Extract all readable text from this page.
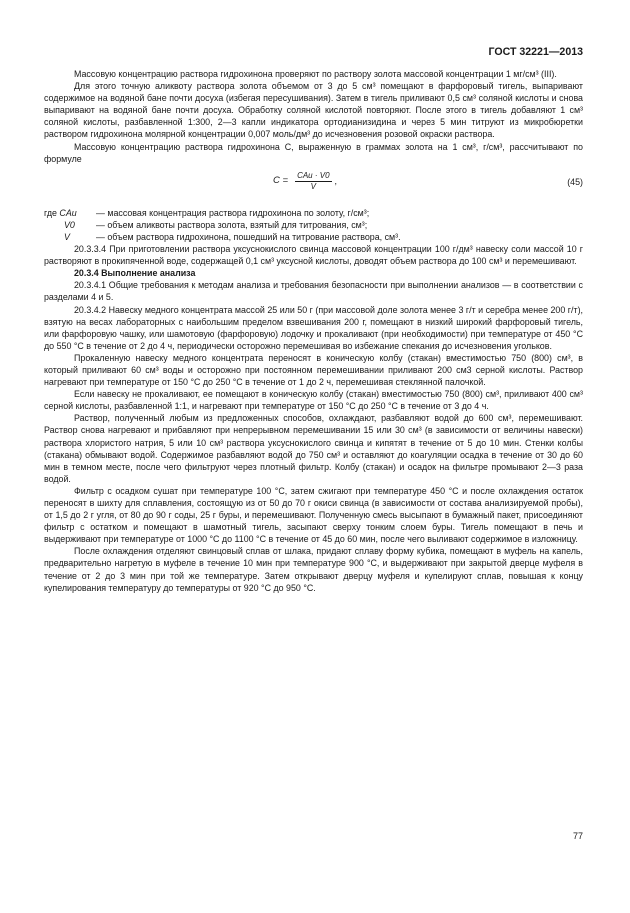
ГОСТ 32221—2013

Массовую концентрацию раствора гидрохинона проверяют по раствору золота массовой концентрации 1 мг/см³ (III).

Для этого точную аликвоту раствора золота объемом от 3 до 5 см³ помещают в фарфоровый тигель, выпаривают содержимое на водяной бане почти досуха (избегая пересушивания). Затем в тигель приливают 0,5 см³ соляной кислоты и снова выпаривают на водяной бане почти досуха. Обработку соляной кислотой повторяют. После этого в тигель добавляют 1 см³ соляной кислоты, разбавленной 1:300, 2—3 капли индикатора ортодианизидина и через 5 мин титруют из микробюретки раствором гидрохинона молярной концентрации 0,007 моль/дм³ до исчезновения розовой окраски раствора.

Массовую концентрацию раствора гидрохинона C, выраженную в граммах золота на 1 см³, г/см³, рассчитывают по формуле

$C = \frac{\text{CAu · V0}}{V}$ ,	(45)
где CAu	— массовая концентрация раствора гидрохинона по золоту, г/см³;
V0	— объем аликвоты раствора золота, взятый для титрования, см³;
V	— объем раствора гидрохинона, пошедший на титрование раствора, см³.

20.3.3.4 При приготовлении раствора уксуснокислого свинца массовой концентрации 100 г/дм³ навеску соли массой 10 г растворяют в прокипяченной воде, содержащей 0,1 см³ уксусной кислоты, доводят объем раствора до 100 см³ и перемешивают.

20.3.4 Выполнение анализа

20.3.4.1 Общие требования к методам анализа и требования безопасности при выполнении анализов — в соответствии с разделами 4 и 5.

20.3.4.2 Навеску медного концентрата массой 25 или 50 г (при массовой доле золота менее 3 г/т и серебра менее 200 г/т), взятую на весах лабораторных с наибольшим пределом взвешивания 200 г, помещают в низкий широкий фарфоровый тигель, или фарфоровую чашку, или шамотовую (фарфоровую) лодочку и прокаливают (при необходимости) при температуре от 450 °С до 550 °С в течение от 2 до 4 ч, периодически осторожно перемешивая во избежание спекания до исчезновения угольков.

Прокаленную навеску медного концентрата переносят в коническую колбу (стакан) вместимостью 750 (800) см³, в который приливают 60 см³ воды и осторожно при постоянном перемешивании приливают 200 см3 серной кислоты. Раствор нагревают при температуре от 150 °С до 250 °С в течение от 1 до 2 ч, перемешивая стеклянной палочкой.

Если навеску не прокаливают, ее помещают в коническую колбу (стакан) вместимостью 750 (800) см³, приливают 400 см³ серной кислоты, разбавленной 1:1, и нагревают при температуре от 150 °С до 250 °С в течение от 3 до 4 ч.

Раствор, полученный любым из предложенных способов, охлаждают, разбавляют водой до 600 см³, перемешивают. Раствор снова нагревают и прибавляют при непрерывном перемешивании 15 или 30 см³ (в зависимости от величины навески) раствора хлористого натрия, 5 или 10 см³ раствора уксуснокислого свинца и кипятят в течение от 5 до 10 мин. Стенки колбы (стакана) обмывают водой. Содержимое разбавляют водой до 750 см³ и оставляют до коагуляции осадка в течение от 30 до 60 мин в темном месте, после чего фильтруют через плотный фильтр. Колбу (стакан) и осадок на фильтре промывают 2—3 раза водой.

Фильтр с осадком сушат при температуре 100 °С, затем сжигают при температуре 450 °С и после охлаждения остаток переносят в шихту для сплавления, состоящую из от 50 до 70 г окиси свинца (в зависимости от состава анализируемой пробы), от 1,5 до 2 г угля, от 80 до 90 г соды, 25 г буры, и перемешивают. Полученную смесь высыпают в бумажный пакет, присоединяют фильтр с остатком и помещают в шамотный тигель, засыпают сверху тонким слоем буры. Тигель помещают в печь и выдерживают при температуре от 1000 °С до 1100 °С в течение от 45 до 60 мин, после чего выливают содержимое в изложницу.

После охлаждения отделяют свинцовый сплав от шлака, придают сплаву форму кубика, помещают в муфель на капель, предварительно нагретую в муфеле в течение 10 мин при температуре 900 °С, и выдерживают при закрытой дверце муфеля в течение от 2 до 3 мин при той же температуре. Затем открывают дверцу муфеля и купелируют сплав, повышая к концу купелирования температуру до температуры от 920 °С до 950 °С.

77
